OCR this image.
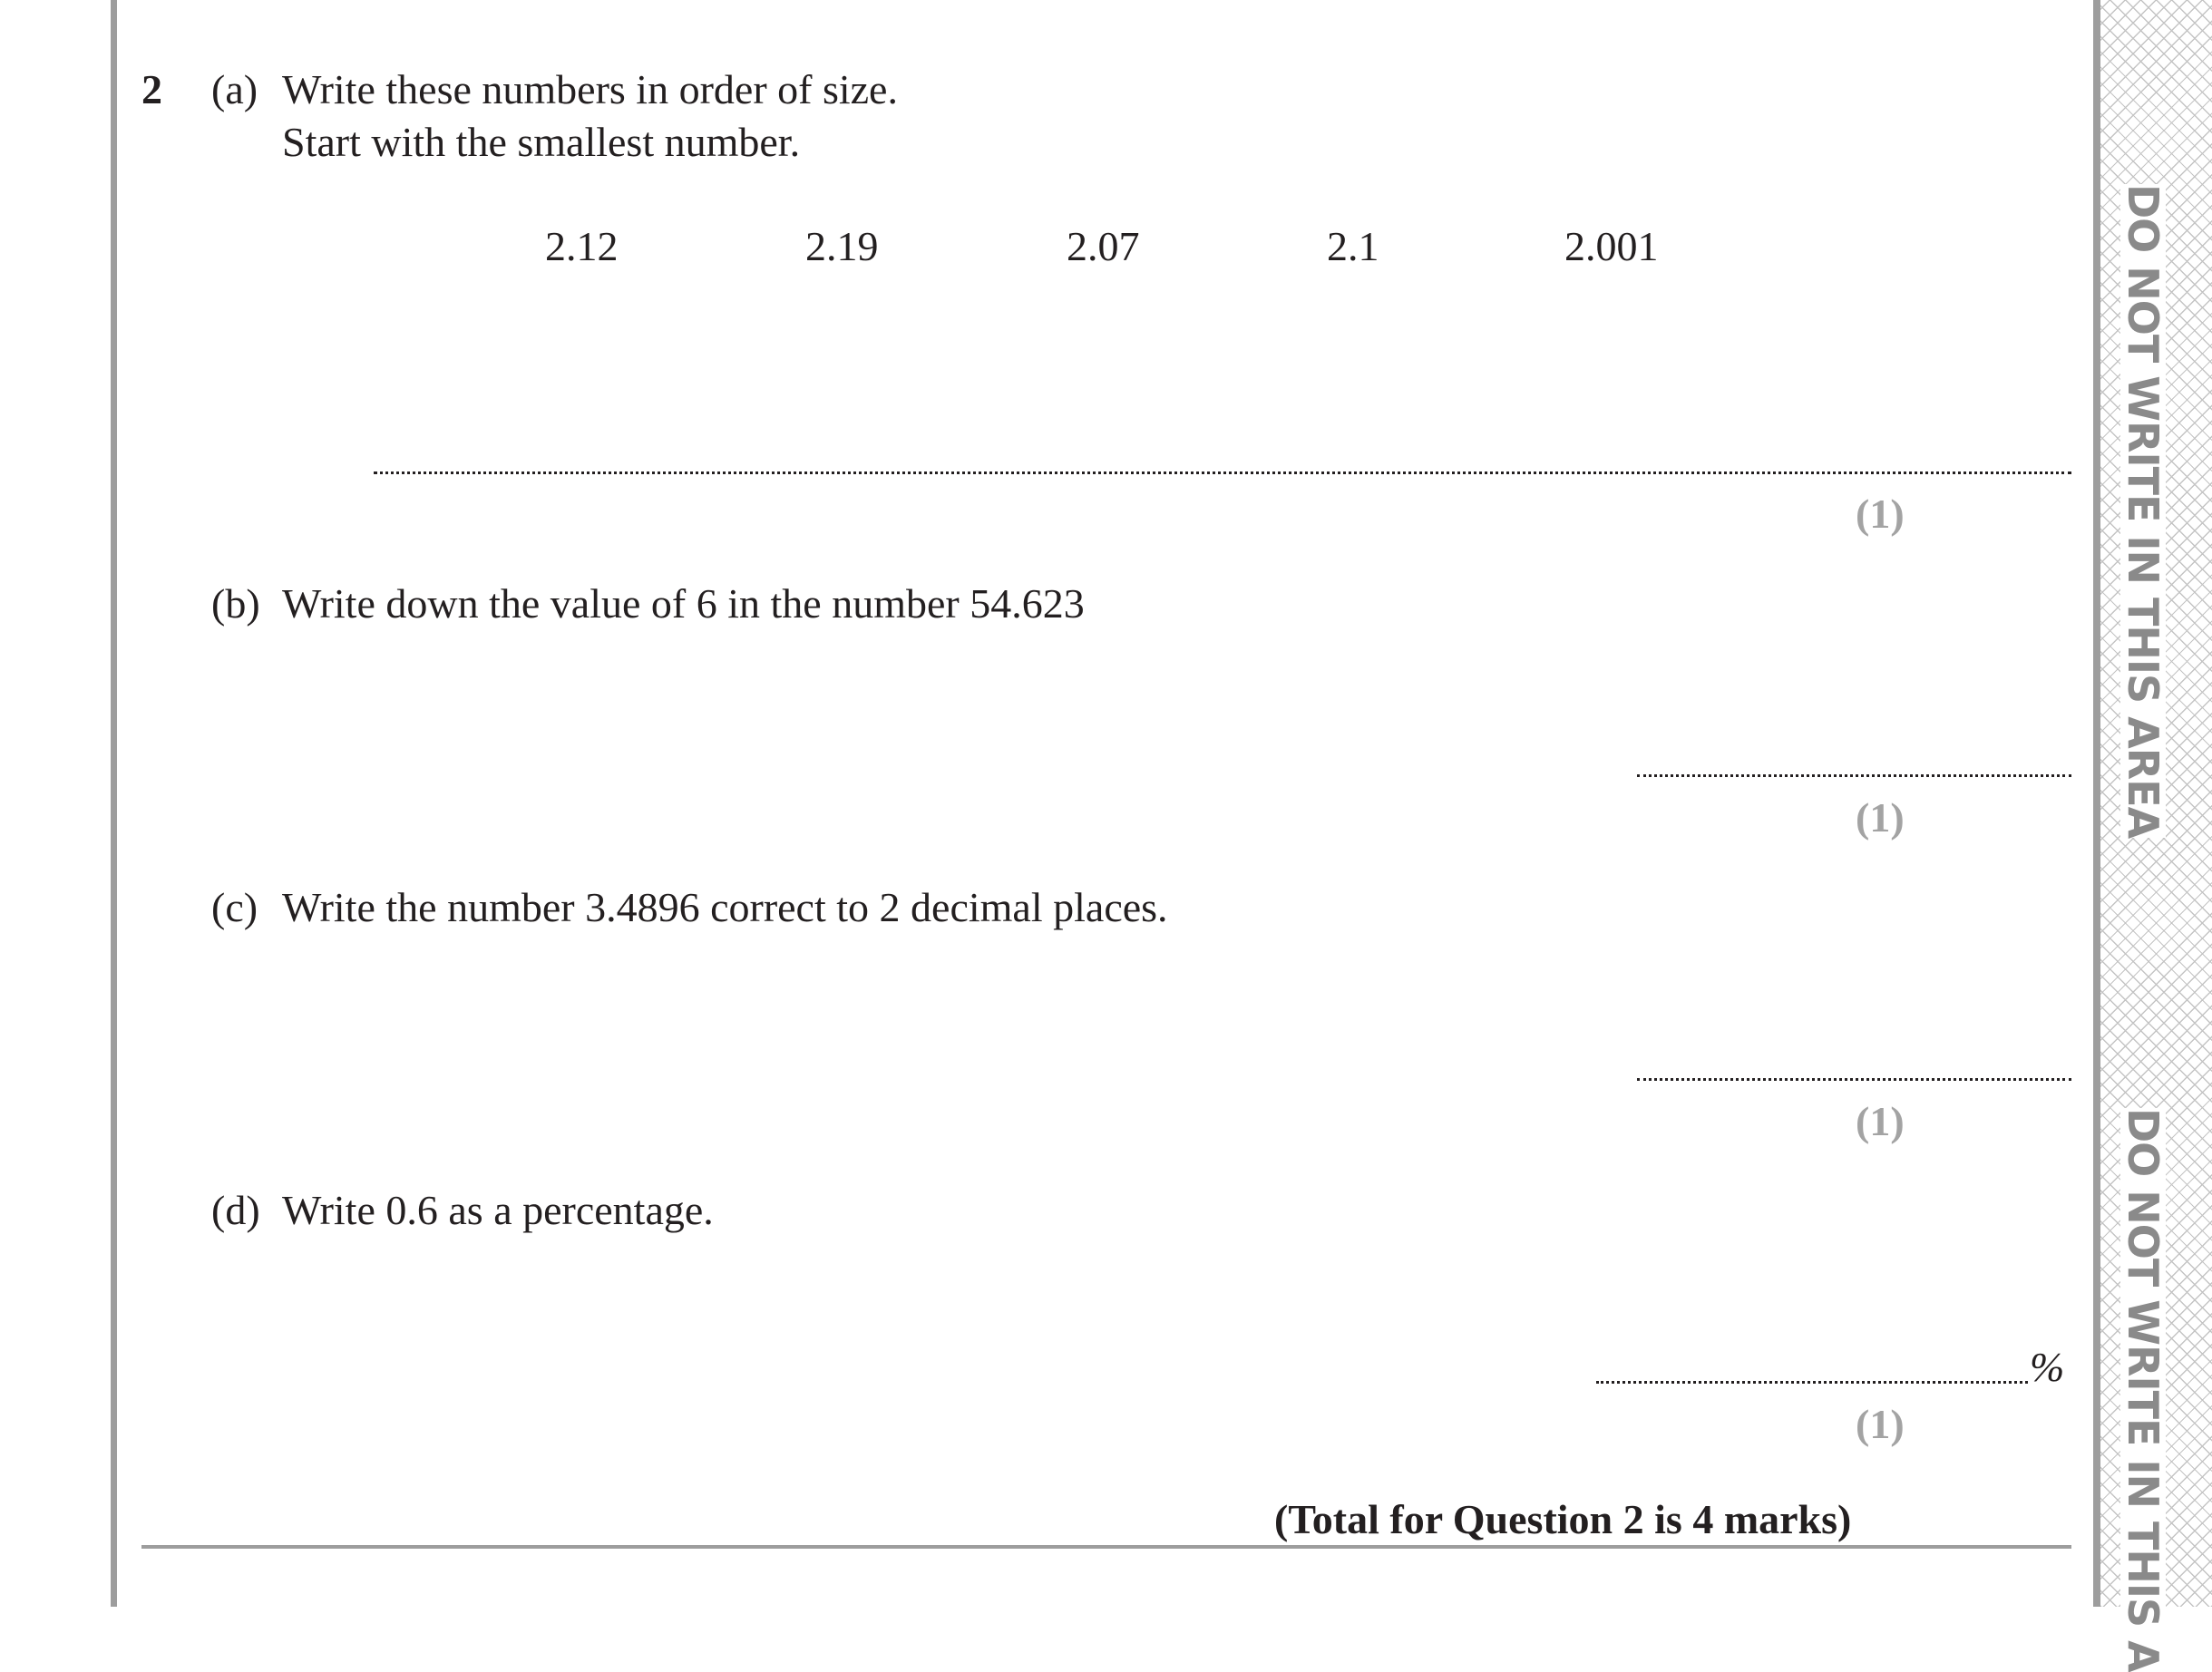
DO NOT WRITE IN THIS AREA
DO NOT WRITE IN THIS A
2 (a) Write these numbers in order of size.
Start with the smallest number.
2.12	2.19	2.07	2.1	2.001
(1)
(b) Write down the value of 6 in the number 54.623
(1)
(c) Write the number 3.4896 correct to 2 decimal places.
(1)
(d) Write 0.6 as a percentage.
%
(1)
(Total for Question 2 is 4 marks)
